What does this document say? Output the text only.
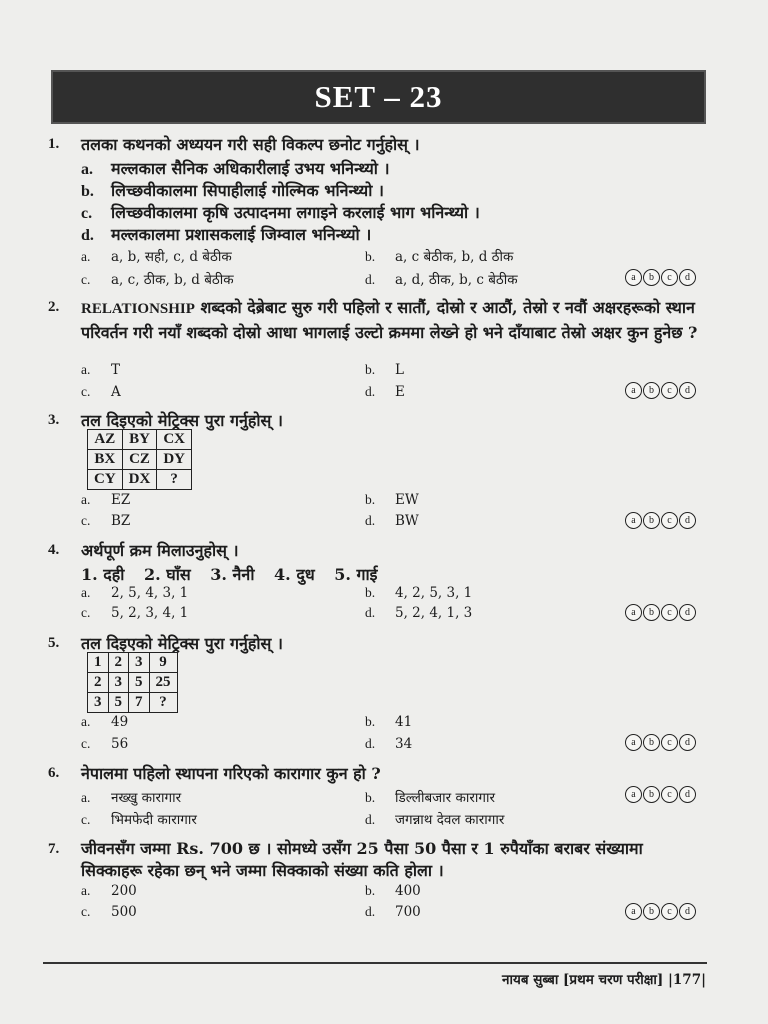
SET – 23
1. तलका कथनको अध्ययन गरी सही विकल्प छनोट गर्नुहोस् ।
a. मल्लकाल सैनिक अधिकारीलाई उभय भनिन्थ्यो ।
b. लिच्छवीकालमा सिपाहीलाई गोल्मिक भनिन्थ्यो ।
c. लिच्छवीकालमा कृषि उत्पादनमा लगाइने करलाई भाग भनिन्थ्यो ।
d. मल्लकालमा प्रशासकलाई जिम्वाल भनिन्थ्यो ।
a. a, b, सही, c, d बेठीक	b. a, c बेठीक, b, d ठीक
c. a, c, ठीक, b, d बेठीक	d. a, d, ठीक, b, c बेठीक	a	b	c	d
2. RELATIONSHIP शब्दको देब्रेबाट सुरु गरी पहिलो र सातौं, दोस्रो र आठौं, तेस्रो र नवौं अक्षरहरूको स्थान परिवर्तन गरी नयाँ शब्दको दोस्रो आधा भागलाई उल्टो क्रममा लेख्ने हो भने दाँयाबाट तेस्रो अक्षर कुन हुनेछ ?
a. T	b. L
c. A	d. E	a	b	c	d
3. तल दिइएको मेट्रिक्स पुरा गर्नुहोस् ।
AZ	BY	CX
BX	CZ	DY
CY	DX	?
a. EZ	b. EW
c. BZ	d. BW	a	b	c	d
4. अर्थपूर्ण क्रम मिलाउनुहोस् ।
1. दही 2. घाँस 3. नैनी 4. दुध 5. गाई
a. 2, 5, 4, 3, 1	b. 4, 2, 5, 3, 1
c. 5, 2, 3, 4, 1	d. 5, 2, 4, 1, 3	a	b	c	d
5. तल दिइएको मेट्रिक्स पुरा गर्नुहोस् ।
1	2	3	9
2	3	5	25
3	5	7	?
a. 49	b. 41
c. 56	d. 34	a	b	c	d
6. नेपालमा पहिलो स्थापना गरिएको कारागार कुन हो ?
a. नख्खु कारागार	b. डिल्लीबजार कारागार
c. भिमफेदी कारागार	d. जगन्नाथ देवल कारागार
a	b	c	d
7. जीवनसँग जम्मा Rs. 700 छ । सोमध्ये उसँग 25 पैसा 50 पैसा र 1 रुपैयाँका बराबर संख्यामा सिक्काहरू रहेका छन् भने जम्मा सिक्काको संख्या कति होला ।
a. 200	b. 400
c. 500	d. 700	a	b	c	d
नायब सुब्बा [प्रथम चरण परीक्षा] |177|
